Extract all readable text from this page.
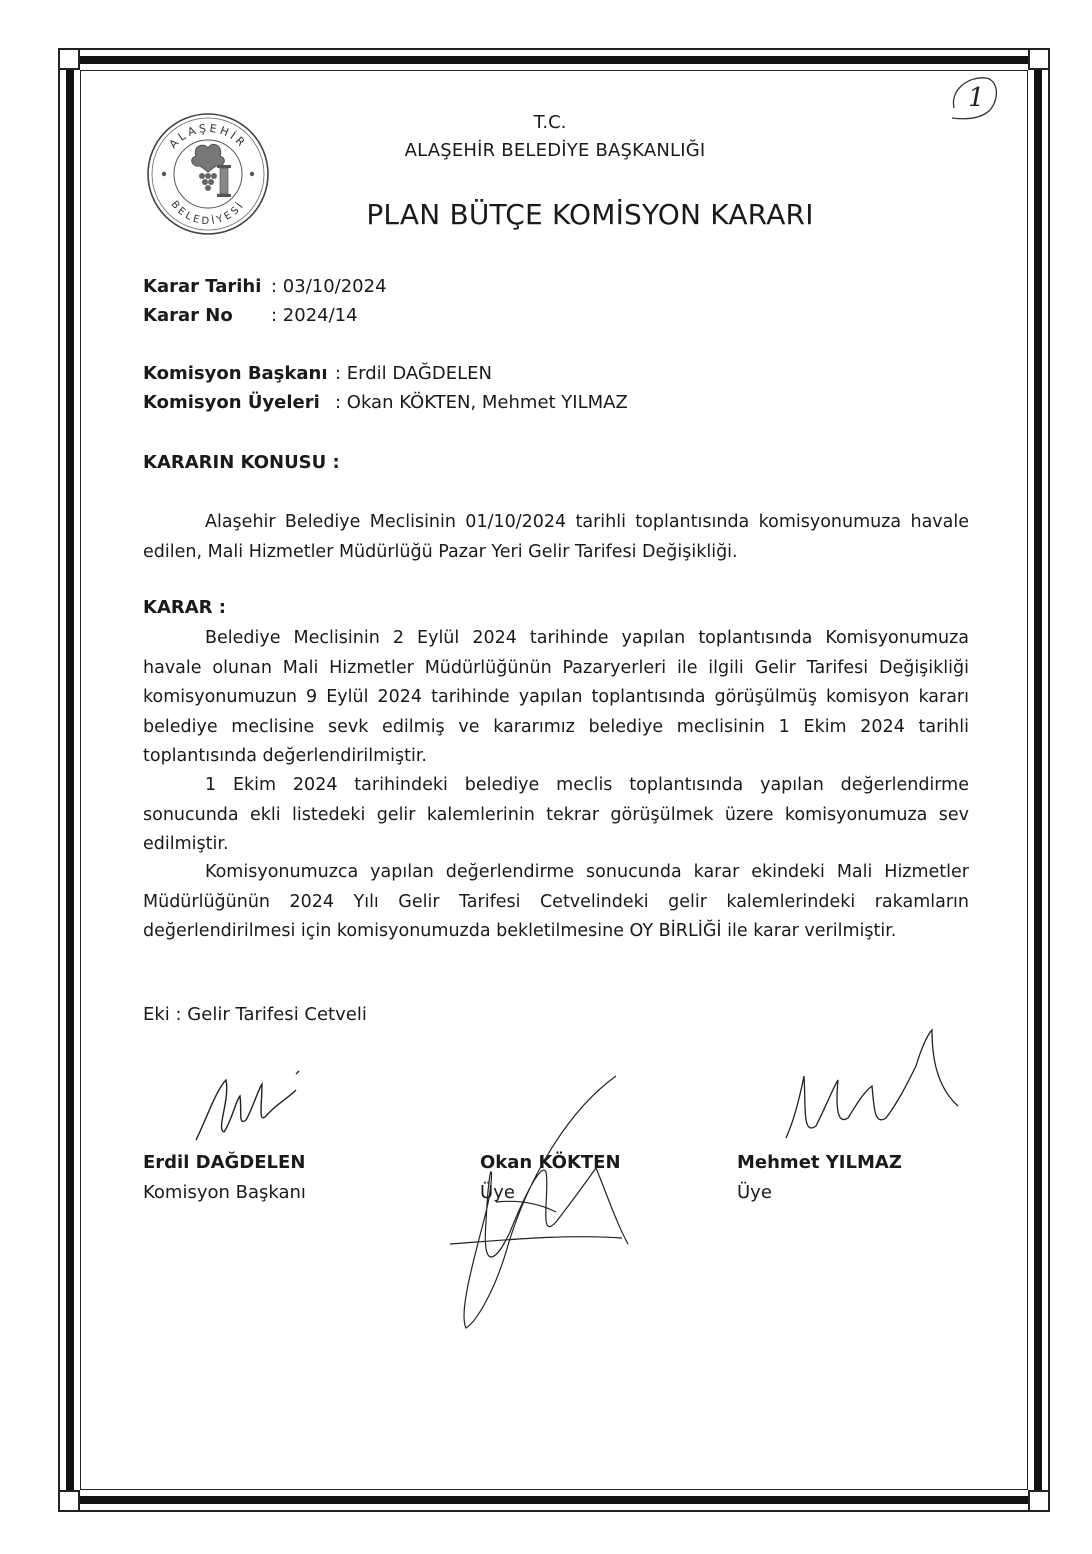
1
ALAŞEHİR
BELEDİYESİ
T.C.
ALAŞEHİR BELEDİYE BAŞKANLIĞI
PLAN BÜTÇE KOMİSYON KARARI
Karar Tarihi : 03/10/2024
Karar No : 2024/14
Komisyon Başkanı : Erdil DAĞDELEN
Komisyon Üyeleri : Okan KÖKTEN, Mehmet YILMAZ
KARARIN KONUSU :

Alaşehir Belediye Meclisinin 01/10/2024 tarihli toplantısında komisyonumuza havale edilen, Mali Hizmetler Müdürlüğü Pazar Yeri Gelir Tarifesi Değişikliği.

KARAR :

Belediye Meclisinin 2 Eylül 2024 tarihinde yapılan toplantısında Komisyonumuza havale olunan Mali Hizmetler Müdürlüğünün Pazaryerleri ile ilgili Gelir Tarifesi Değişikliği komisyonumuzun 9 Eylül 2024 tarihinde yapılan toplantısında görüşülmüş komisyon kararı belediye meclisine sevk edilmiş ve kararımız belediye meclisinin 1 Ekim 2024 tarihli toplantısında değerlendirilmiştir.

1 Ekim 2024 tarihindeki belediye meclis toplantısında yapılan değerlendirme sonucunda ekli listedeki gelir kalemlerinin tekrar görüşülmek üzere komisyonumuza sev edilmiştir.

Komisyonumuzca yapılan değerlendirme sonucunda karar ekindeki Mali Hizmetler Müdürlüğünün 2024 Yılı Gelir Tarifesi Cetvelindeki gelir kalemlerindeki rakamların değerlendirilmesi için komisyonumuzda bekletilmesine OY BİRLİĞİ ile karar verilmiştir.

Eki : Gelir Tarifesi Cetveli
Erdil DAĞDELEN
Komisyon Başkanı
Okan KÖKTEN
Üye
Mehmet YILMAZ
Üye
